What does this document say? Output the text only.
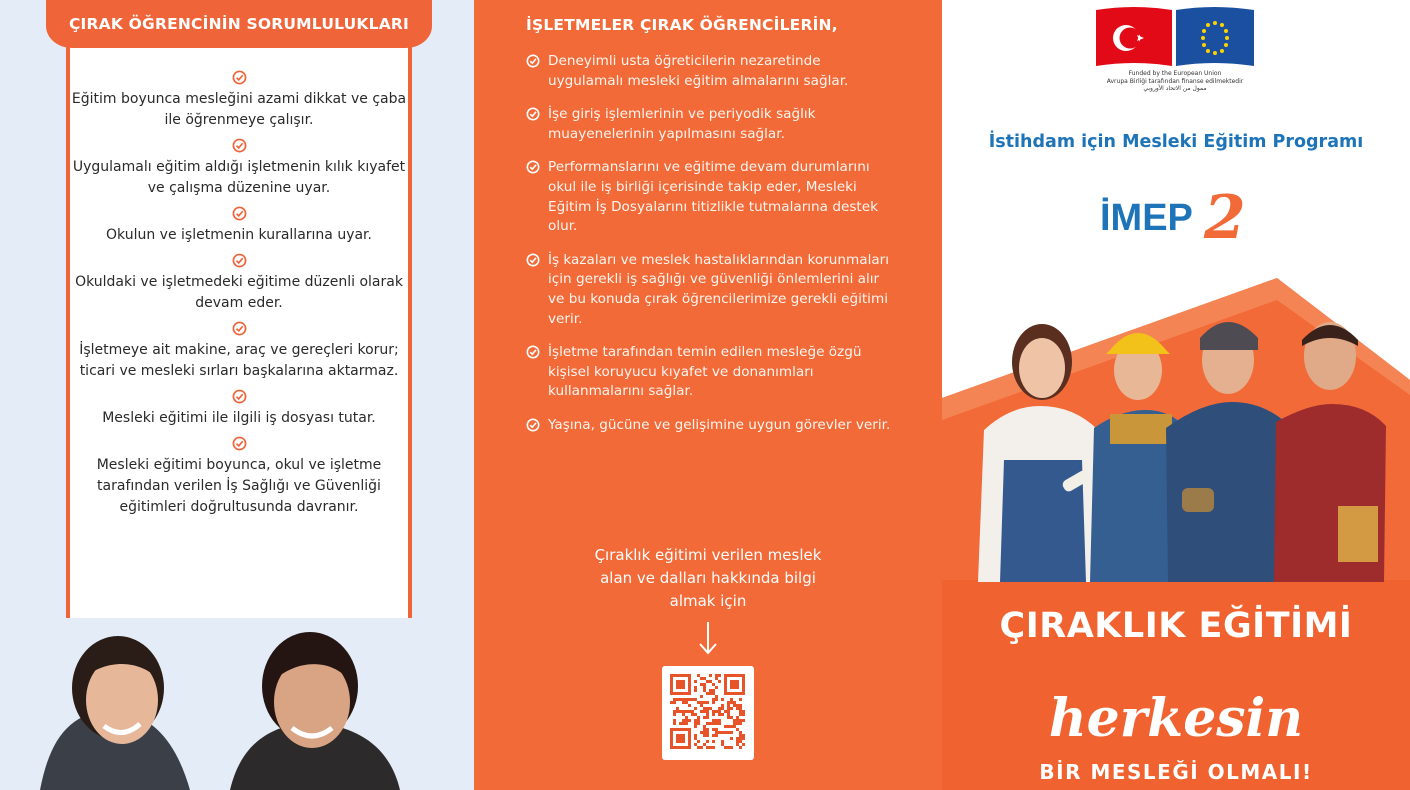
ÇIRAK ÖĞRENCİNİN SORUMLULUKLARI
Eğitim boyunca mesleğini azami dikkat ve çaba ile öğrenmeye çalışır.
Uygulamalı eğitim aldığı işletmenin kılık kıyafet ve çalışma düzenine uyar.
Okulun ve işletmenin kurallarına uyar.
Okuldaki ve işletmedeki eğitime düzenli olarak devam eder.
İşletmeye ait makine, araç ve gereçleri korur; ticari ve mesleki sırları başkalarına aktarmaz.
Mesleki eğitimi ile ilgili iş dosyası tutar.
Mesleki eğitimi boyunca, okul ve işletme tarafından verilen İş Sağlığı ve Güvenliği eğitimleri doğrultusunda davranır.
İŞLETMELER ÇIRAK ÖĞRENCİLERİN,
Deneyimli usta öğreticilerin nezaretinde uygulamalı mesleki eğitim almalarını sağlar.
İşe giriş işlemlerinin ve periyodik sağlık muayenelerinin yapılmasını sağlar.
Performanslarını ve eğitime devam durumlarını okul ile iş birliği içerisinde takip eder, Mesleki Eğitim İş Dosyalarını titizlikle tutmalarına destek olur.
İş kazaları ve meslek hastalıklarından korunmaları için gerekli iş sağlığı ve güvenliği önlemlerini alır ve bu konuda çırak öğrencilerimize gerekli eğitimi verir.
İşletme tarafından temin edilen mesleğe özgü kişisel koruyucu kıyafet ve donanımları kullanmalarını sağlar.
Yaşına, gücüne ve gelişimine uygun görevler verir.
Çıraklık eğitimi verilen meslek alan ve dalları hakkında bilgi almak için
Funded by the European Union
Avrupa Birliği tarafından finanse edilmektedir
ممول من الاتحاد الأوروبي
İstihdam için Mesleki Eğitim Programı
İMEP 2
ÇIRAKLIK EĞİTİMİ
herkesin
BİR MESLEĞİ OLMALI!
